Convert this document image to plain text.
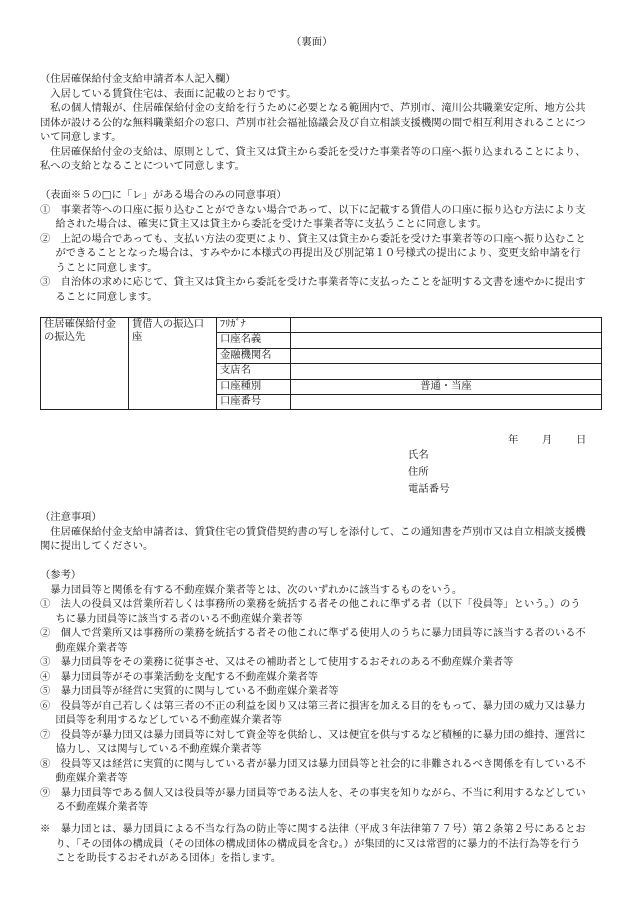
（裏面）

（住居確保給付金支給申請者本人記入欄）

入居している賃貸住宅は、表面に記載のとおりです。

私の個人情報が、住居確保給付金の支給を行うために必要となる範囲内で、芦別市、滝川公共職業安定所、地方公共団体が設ける公的な無料職業紹介の窓口、芦別市社会福祉協議会及び自立相談支援機関の間で相互利用されることについて同意します。

住居確保給付金の支給は、原則として、貸主又は貸主から委託を受けた事業者等の口座へ振り込まれることにより、私への支給となることについて同意します。

（表面※５の□に「レ」がある場合のみの同意事項）

①　 事業者等への口座に振り込むことができない場合であって、以下に記載する賃借人の口座に振り込む方法により支給された場合は、確実に貸主又は貸主から委託を受けた事業者等に支払うことに同意します。

②　 上記の場合であっても、支払い方法の変更により、貸主又は貸主から委託を受けた事業者等の口座へ振り込むことができることとなった場合は、すみやかに本様式の再提出及び別記第１０号様式の提出により、変更支給申請を行うことに同意します。

③　 自治体の求めに応じて、貸主又は貸主から委託を受けた事業者等に支払ったことを証明する文書を速やかに提出することに同意します。

住居確保給付金の振込先	賃借人の振込口座	ﾌﾘｶﾞﾅ	
		口座名義	
		金融機関名	
		支店名	
		口座種別	普通・当座
		口座番号	
年 月 日
氏名
住所
電話番号

（注意事項）

住居確保給付金支給申請者は、賃貸住宅の賃貸借契約書の写しを添付して、この通知書を芦別市又は自立相談支援機関に提出してください。

（参考）

暴力団員等と関係を有する不動産媒介業者等とは、次のいずれかに該当するものをいう。

①　 法人の役員又は営業所若しくは事務所の業務を統括する者その他これに準ずる者（以下「役員等」という。）のうちに暴力団員等に該当する者のいる不動産媒介業者等

②　 個人で営業所又は事務所の業務を統括する者その他これに準ずる使用人のうちに暴力団員等に該当する者のいる不動産媒介業者等

③　 暴力団員等をその業務に従事させ、又はその補助者として使用するおそれのある不動産媒介業者等

④　 暴力団員等がその事業活動を支配する不動産媒介業者等

⑤　 暴力団員等が経営に実質的に関与している不動産媒介業者等

⑥　 役員等が自己若しくは第三者の不正の利益を図り又は第三者に損害を加える目的をもって、暴力団の威力又は暴力団員等を利用するなどしている不動産媒介業者等

⑦　 役員等が暴力団又は暴力団員等に対して資金等を供給し、又は便宜を供与するなど積極的に暴力団の維持、運営に協力し、又は関与している不動産媒介業者等

⑧　 役員等又は経営に実質的に関与している者が暴力団又は暴力団員等と社会的に非難されるべき関係を有している不動産媒介業者等

⑨　 暴力団員等である個人又は役員等が暴力団員等である法人を、その事実を知りながら、不当に利用するなどしている不動産媒介業者等

※　 暴力団とは、暴力団員による不当な行為の防止等に関する法律（平成３年法律第７７号）第２条第２号にあるとおり、「その団体の構成員（その団体の構成団体の構成員を含む。）が集団的に又は常習的に暴力的不法行為等を行うことを助長するおそれがある団体」を指します。
